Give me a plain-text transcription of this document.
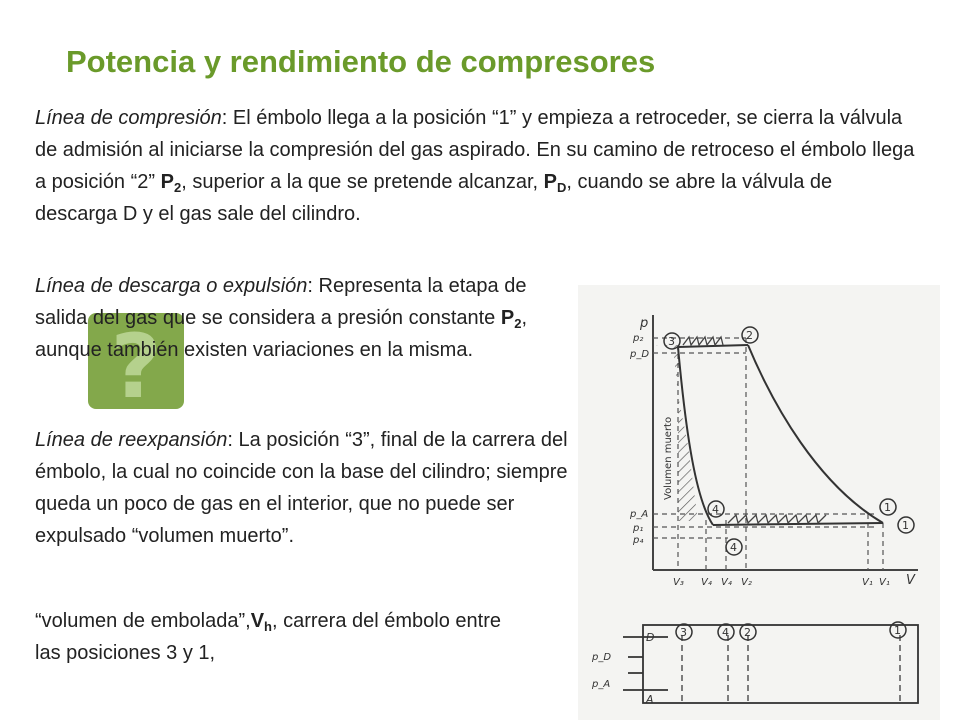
Potencia y rendimiento de compresores

Línea de compresión: El émbolo llega a la posición “1” y empieza a retroceder, se cierra la válvula de admisión al iniciarse la compresión del gas aspirado. En su camino de retroceso el émbolo llega a posición “2” $P_2$, superior a la que se pretende alcanzar, $P_D$, cuando se abre la válvula de descarga D y el gas sale del cilindro.

?

Línea de descarga o expulsión: Representa la etapa de salida del gas que se considera a presión constante $P_2$, aunque también existen variaciones en la misma.

Línea de reexpansión: La posición “3”, final de la carrera del émbolo, la cual no coincide con la base del cilindro; siempre queda un poco de gas en el interior, que no puede ser expulsado “volumen muerto”.

“volumen de $embolada”,V_h$, carrera del émbolo entre las posiciones 3 y 1,

p
V
p₂
p_D
p_A
p₁
p₄
Volumen muerto
1
2
3
4
4
1
V₃ V₄ V₄ V₂	V₁ V₁
3	4 2	1
D
A
p_D
p_A
